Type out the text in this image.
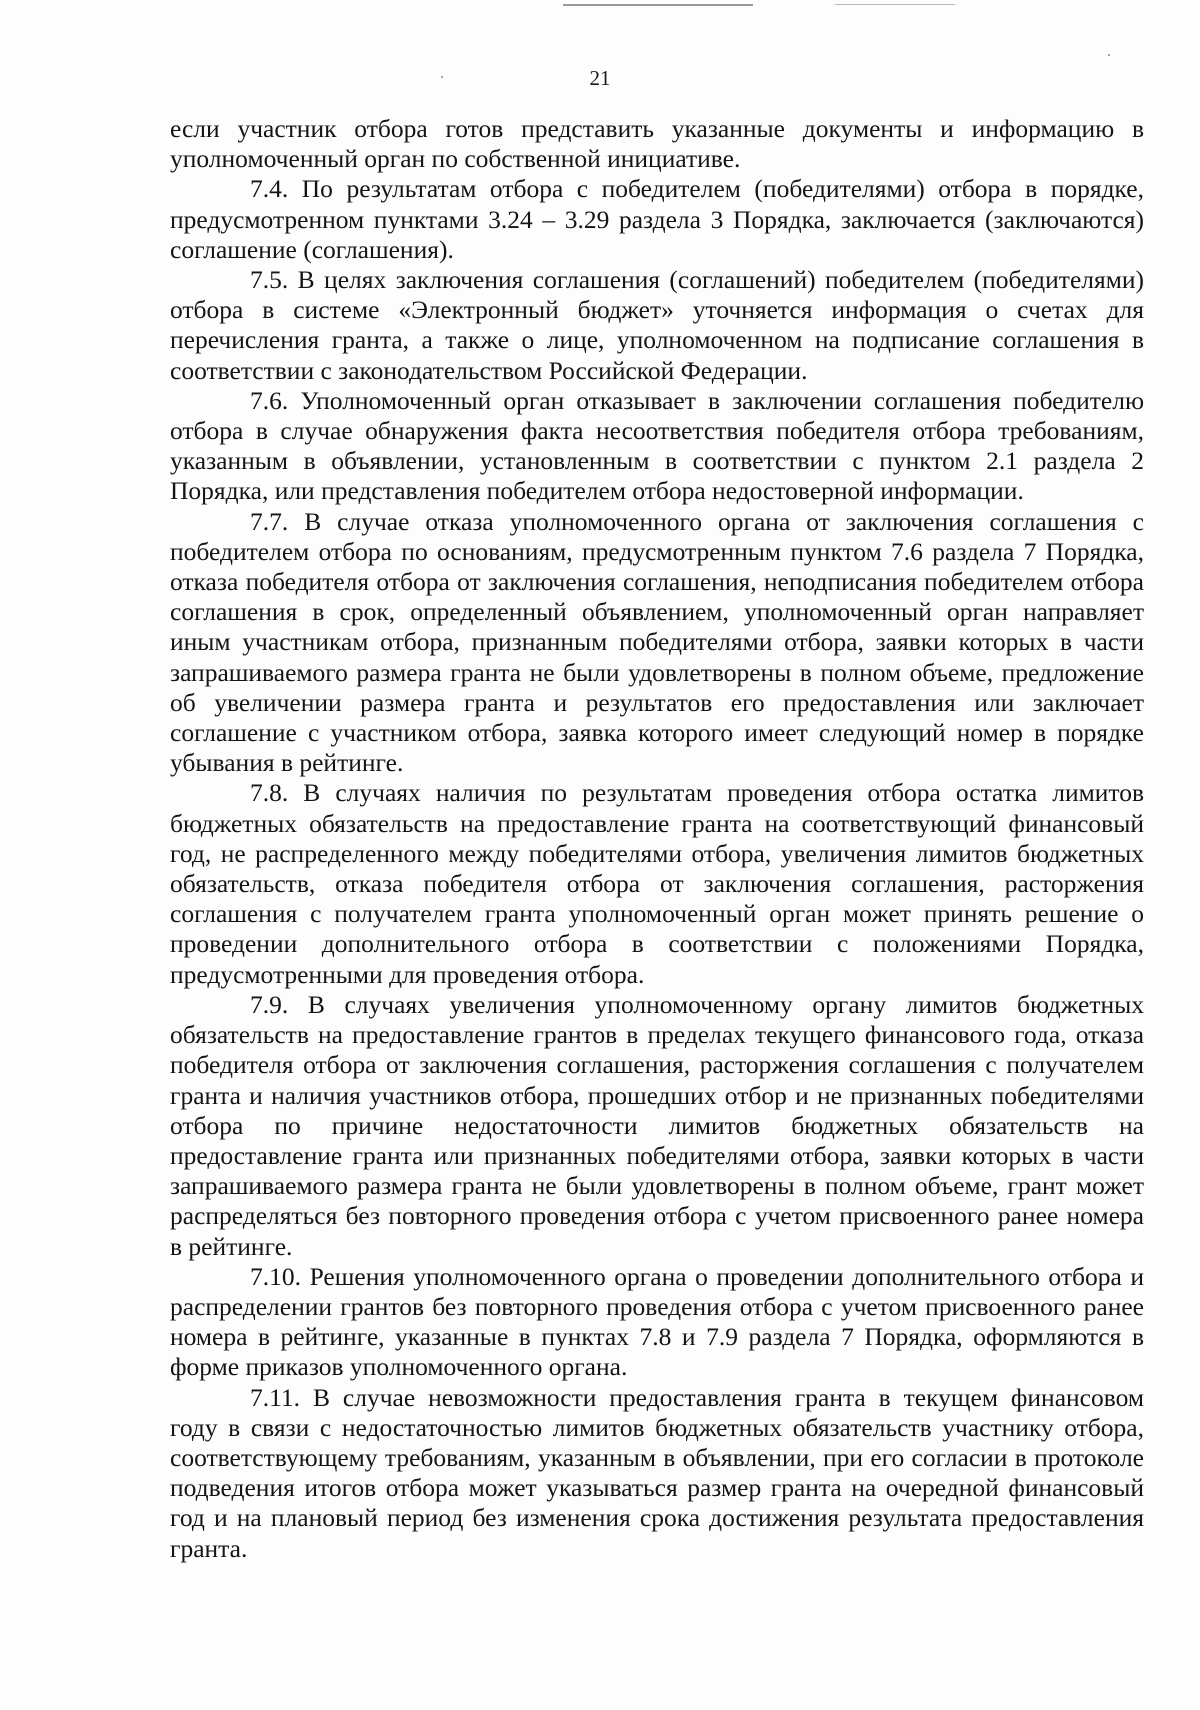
21

если участник отбора готов представить указанные документы и информацию в уполномоченный орган по собственной инициативе.

7.4. По результатам отбора с победителем (победителями) отбора в порядке, предусмотренном пунктами 3.24 – 3.29 раздела 3 Порядка, заключается (заключаются) соглашение (соглашения).

7.5. В целях заключения соглашения (соглашений) победителем (победителями) отбора в системе «Электронный бюджет» уточняется информация о счетах для перечисления гранта, а также о лице, уполномоченном на подписание соглашения в соответствии с законодательством Российской Федерации.

7.6. Уполномоченный орган отказывает в заключении соглашения победителю отбора в случае обнаружения факта несоответствия победителя отбора требованиям, указанным в объявлении, установленным в соответствии с пунктом 2.1 раздела 2 Порядка, или представления победителем отбора недостоверной информации.

7.7. В случае отказа уполномоченного органа от заключения соглашения с победителем отбора по основаниям, предусмотренным пунктом 7.6 раздела 7 Порядка, отказа победителя отбора от заключения соглашения, неподписания победителем отбора соглашения в срок, определенный объявлением, уполномоченный орган направляет иным участникам отбора, признанным победителями отбора, заявки которых в части запрашиваемого размера гранта не были удовлетворены в полном объеме, предложение об увеличении размера гранта и результатов его предоставления или заключает соглашение с участником отбора, заявка которого имеет следующий номер в порядке убывания в рейтинге.

7.8. В случаях наличия по результатам проведения отбора остатка лимитов бюджетных обязательств на предоставление гранта на соответствующий финансовый год, не распределенного между победителями отбора, увеличения лимитов бюджетных обязательств, отказа победителя отбора от заключения соглашения, расторжения соглашения с получателем гранта уполномоченный орган может принять решение о проведении дополнительного отбора в соответствии с положениями Порядка, предусмотренными для проведения отбора.

7.9. В случаях увеличения уполномоченному органу лимитов бюджетных обязательств на предоставление грантов в пределах текущего финансового года, отказа победителя отбора от заключения соглашения, расторжения соглашения с получателем гранта и наличия участников отбора, прошедших отбор и не признанных победителями отбора по причине недостаточности лимитов бюджетных обязательств на предоставление гранта или признанных победителями отбора, заявки которых в части запрашиваемого размера гранта не были удовлетворены в полном объеме, грант может распределяться без повторного проведения отбора с учетом присвоенного ранее номера в рейтинге.

7.10. Решения уполномоченного органа о проведении дополнительного отбора и распределении грантов без повторного проведения отбора с учетом присвоенного ранее номера в рейтинге, указанные в пунктах 7.8 и 7.9 раздела 7 Порядка, оформляются в форме приказов уполномоченного органа.

7.11. В случае невозможности предоставления гранта в текущем финансовом году в связи с недостаточностью лимитов бюджетных обязательств участнику отбора, соответствующему требованиям, указанным в объявлении, при его согласии в протоколе подведения итогов отбора может указываться размер гранта на очередной финансовый год и на плановый период без изменения срока достижения результата предоставления гранта.
